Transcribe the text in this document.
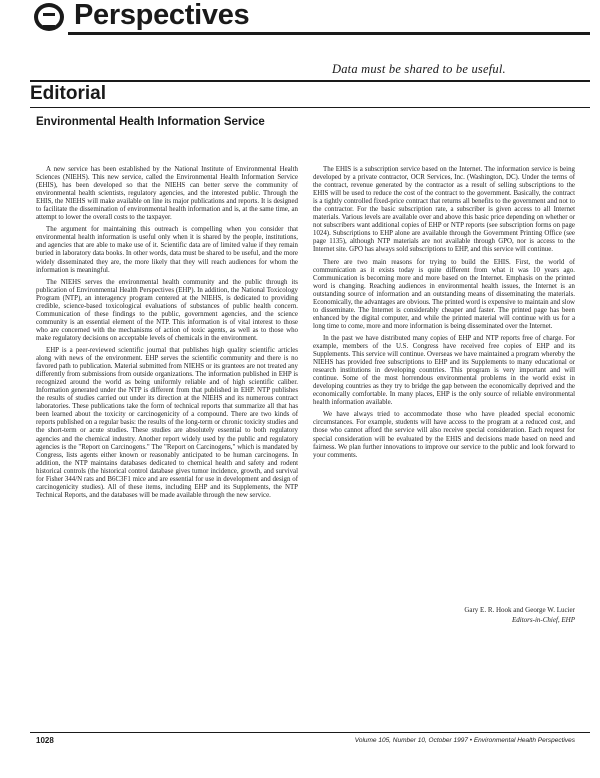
Perspectives
Data must be shared to be useful.
Editorial
Environmental Health Information Service

A new service has been established by the National Institute of Environmental Health Sciences (NIEHS). This new service, called the Environmental Health Information Service (EHIS), has been developed so that the NIEHS can better serve the community of environmental health scientists, regulatory agencies, and the interested public. Through the EHIS, the NIEHS will make available on line its major publications and reports. It is designed to facilitate the dissemination of environmental health information and is, at the same time, an attempt to lower the overall costs to the taxpayer.

The argument for maintaining this outreach is compelling when you consider that environmental health information is useful only when it is shared by the people, institutions, and agencies that are able to make use of it. Scientific data are of limited value if they remain buried in laboratory data books. In other words, data must be shared to be useful, and the more widely disseminated they are, the more likely that they will reach audiences for whom the information is meaningful.

The NIEHS serves the environmental health community and the public through its publication of Environmental Health Perspectives (EHP). In addition, the National Toxicology Program (NTP), an interagency program centered at the NIEHS, is dedicated to providing credible, science-based toxicological evaluations of substances of public health concern. Communication of these findings to the public, government agencies, and the science community is an essential element of the NTP. This information is of vital interest to those who are concerned with the mechanisms of action of toxic agents, as well as to those who make regulatory decisions on acceptable levels of chemicals in the environment.

EHP is a peer-reviewed scientific journal that publishes high quality scientific articles along with news of the environment. EHP serves the scientific community and there is no favored path to publication. Material submitted from NIEHS or its grantees are not treated any differently from submissions from outside organizations. The information published in EHP is recognized around the world as being uniformly reliable and of high scientific caliber. Information generated under the NTP is different from that published in EHP. NTP publishes the results of studies carried out under its direction at the NIEHS and its numerous contract laboratories. These publications take the form of technical reports that summarize all that has been learned about the toxicity or carcinogenicity of a compound. There are two kinds of reports published on a regular basis: the results of the long-term or chronic toxicity studies and the short-term or acute studies. These studies are absolutely essential to both regulatory agencies and the chemical industry. Another report widely used by the public and regulatory agencies is the "Report on Carcinogens." The "Report on Carcinogens," which is mandated by Congress, lists agents either known or reasonably anticipated to be human carcinogens. In addition, the NTP maintains databases dedicated to chemical health and safety and rodent historical controls (the historical control database gives tumor incidence, growth, and survival for Fisher 344/N rats and B6C3F1 mice and are essential for use in development and design of carcinogenicity studies). All of these items, including EHP and its Supplements, the NTP Technical Reports, and the databases will be made available through the new service.

The EHIS is a subscription service based on the Internet. The information service is being developed by a private contractor, OCR Services, Inc. (Washington, DC). Under the terms of the contract, revenue generated by the contractor as a result of selling subscriptions to the EHIS will be used to reduce the cost of the contract to the government. Basically, the contract is a tightly controlled fixed-price contract that returns all benefits to the government and not to the contractor. For the basic subscription rate, a subscriber is given access to all Internet materials. Various levels are available over and above this basic price depending on whether or not subscribers want additional copies of EHP or NTP reports (see subscription forms on page 1024). Subscriptions to EHP alone are available through the Government Printing Office (see page 1135), although NTP materials are not available through GPO, nor is access to the Internet site. GPO has always sold subscriptions to EHP, and this service will continue.

There are two main reasons for trying to build the EHIS. First, the world of communication as it exists today is quite different from what it was 10 years ago. Communication is becoming more and more based on the Internet. Emphasis on the printed word is changing. Reaching audiences in environmental health issues, the Internet is an outstanding source of information and an outstanding means of disseminating the materials. Economically, the advantages are obvious. The printed word is expensive to maintain and slow to disseminate. The Internet is considerably cheaper and faster. The printed page has been enhanced by the digital computer, and while the printed material will continue with us for a long time to come, more and more information is being disseminated over the Internet.

In the past we have distributed many copies of EHP and NTP reports free of charge. For example, members of the U.S. Congress have received free copies of EHP and its Supplements. This service will continue. Overseas we have maintained a program whereby the NIEHS has provided free subscriptions to EHP and its Supplements to many educational or research institutions in developing countries. This program is very important and will continue. Some of the most horrendous environmental problems in the world exist in developing countries as they try to bridge the gap between the economically deprived and the economically comfortable. In many places, EHP is the only source of reliable environmental health information available.

We have always tried to accommodate those who have pleaded special economic circumstances. For example, students will have access to the program at a reduced cost, and those who cannot afford the service will also receive special consideration. Each request for special consideration will be evaluated by the EHIS and decisions made based on need and fairness. We plan further innovations to improve our service to the public and look forward to your comments.

Gary E. R. Hook and George W. Lucier
Editors-in-Chief, EHP
1028	Volume 105, Number 10, October 1997 • Environmental Health Perspectives
